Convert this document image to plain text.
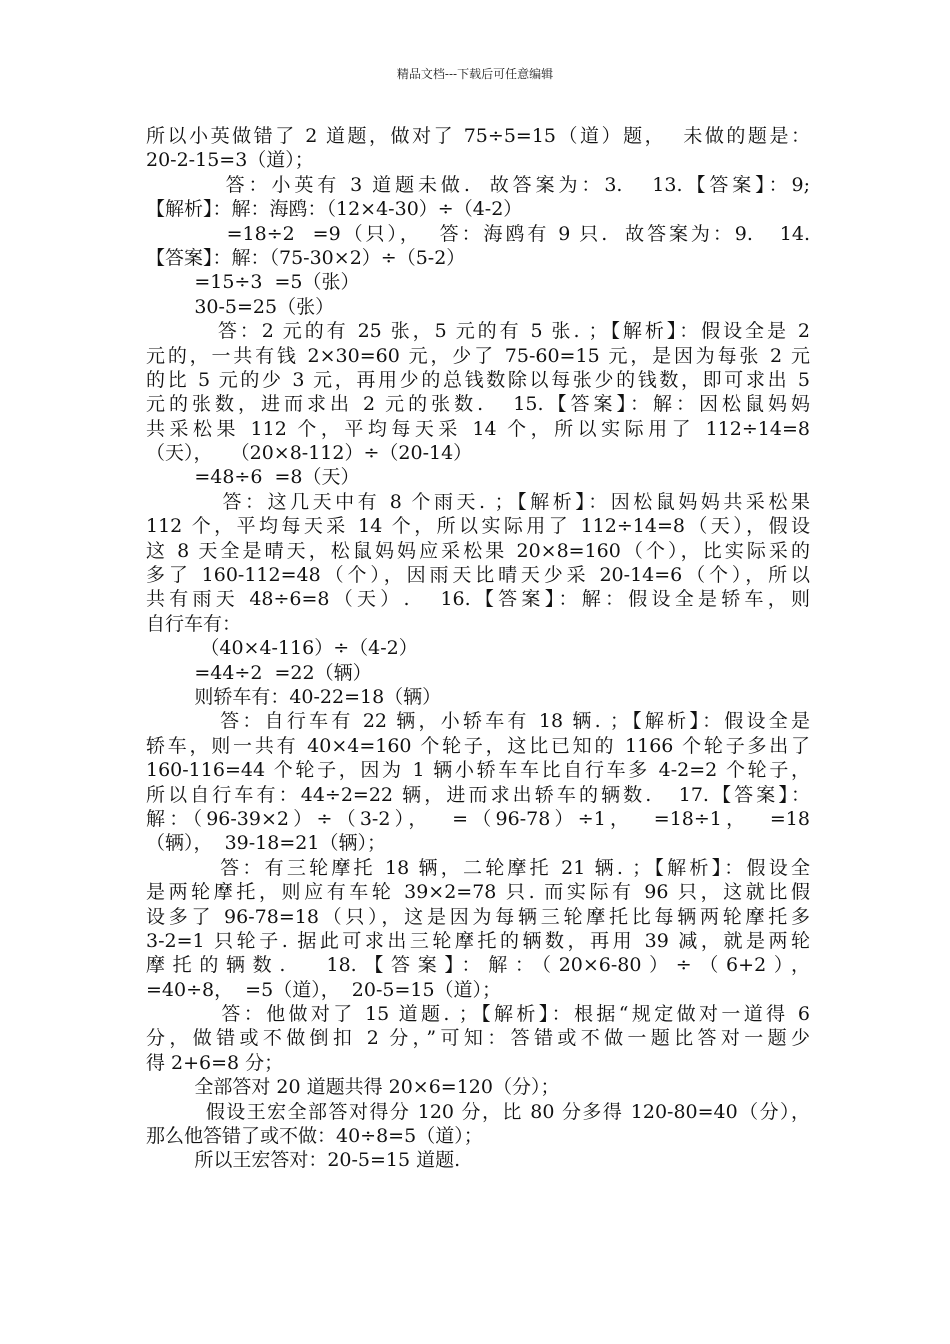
精品文档---下载后可任意编辑
所以小英做错了 2 道题，做对了 75÷5=15（道）题，  未做的题是：
20-2-15=3（道）；
答：小英有 3 道题未做.  故答案为：3.   13.【答案】：9;
【解析】：解：海鸥：（12×4-30）÷（4-2）
=18÷2  =9（只），  答：海鸥有 9 只.  故答案为：9.   14.
【答案】：解：（75-30×2）÷（5-2）
=15÷3  =5（张）
30-5=25（张）
答：2 元的有 25 张，5 元的有 5 张. ；【解析】：假设全是 2
元的，一共有钱 2×30=60 元，少了 75-60=15 元，是因为每张 2 元
的比 5 元的少 3 元，再用少的总钱数除以每张少的钱数，即可求出 5
元的张数，进而求出 2 元的张数.   15.【答案】：解：因松鼠妈妈
共采松果 112 个，平均每天采 14 个，所以实际用了 112÷14=8
（天），   （20×8-112）÷（20-14）
=48÷6  =8（天）
答：这几天中有 8 个雨天. ；【解析】：因松鼠妈妈共采松果
112 个，平均每天采 14 个，所以实际用了 112÷14=8（天），假设
这 8 天全是晴天，松鼠妈妈应采松果 20×8=160（个），比实际采的
多了 160-112=48（个），因雨天比晴天少采 20-14=6（个），所以
共有雨天 48÷6=8（天）.   16.【答案】：解：假设全是轿车，则
自行车有：
（40×4-116）÷（4-2）
=44÷2  =22（辆）
则轿车有：40-22=18（辆）
答：自行车有 22 辆，小轿车有 18 辆. ；【解析】：假设全是
轿车，则一共有 40×4=160 个轮子，这比已知的 1166 个轮子多出了
160-116=44 个轮子，因为 1 辆小轿车车比自行车多 4-2=2 个轮子，
所以自行车有：44÷2=22 辆，进而求出轿车的辆数.   17.【答案】：
解：（96-39×2）÷（3-2），  =（96-78）÷1，  =18÷1，  =18
（辆），  39-18=21（辆）；
答：有三轮摩托 18 辆，二轮摩托 21 辆. ；【解析】：假设全
是两轮摩托，则应有车轮 39×2=78 只. 而实际有 96 只，这就比假
设多了 96-78=18（只），这是因为每辆三轮摩托比每辆两轮摩托多
3-2=1 只轮子. 据此可求出三轮摩托的辆数，再用 39 减，就是两轮
摩托的辆数.   18.【答案】：解：（20×6-80）÷（6+2），
=40÷8，  =5（道），  20-5=15（道）；
答：他做对了 15 道题. ；【解析】：根据“规定做对一道得 6
分，做错或不做倒扣 2 分，”可知：答错或不做一题比答对一题少
得 2+6=8 分；
全部答对 20 道题共得 20×6=120（分）；
假设王宏全部答对得分 120 分，比 80 分多得 120-80=40（分），
那么他答错了或不做：40÷8=5（道）；
所以王宏答对：20-5=15 道题.
